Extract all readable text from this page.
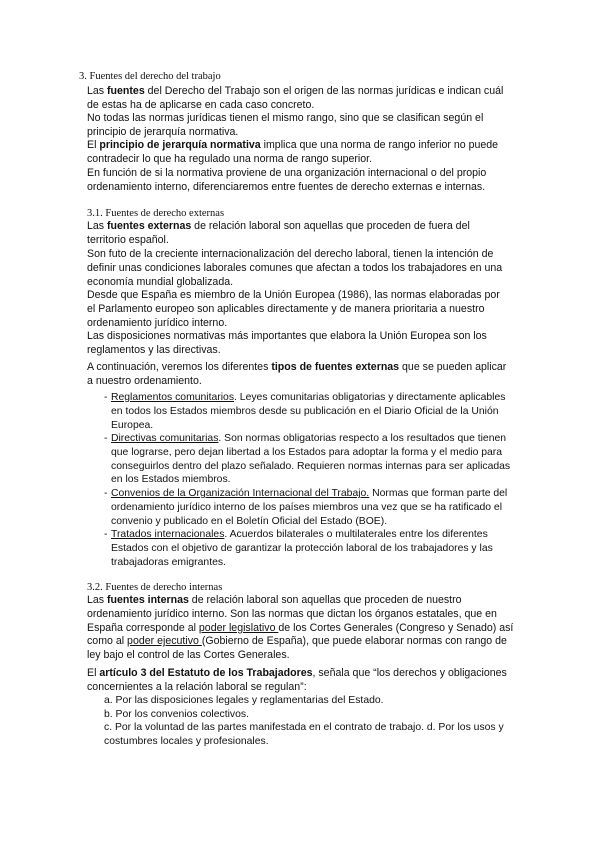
3. Fuentes del derecho del trabajo
Las fuentes del Derecho del Trabajo son el origen de las normas jurídicas e indican cuál de estas ha de aplicarse en cada caso concreto.
No todas las normas jurídicas tienen el mismo rango, sino que se clasifican según el principio de jerarquía normativa.
El principio de jerarquía normativa implica que una norma de rango inferior no puede contradecir lo que ha regulado una norma de rango superior.
En función de si la normativa proviene de una organización internacional o del propio ordenamiento interno, diferenciaremos entre fuentes de derecho externas e internas.
3.1. Fuentes de derecho externas
Las fuentes externas de relación laboral son aquellas que proceden de fuera del territorio español.
Son futo de la creciente internacionalización del derecho laboral, tienen la intención de definir unas condiciones laborales comunes que afectan a todos los trabajadores en una economía mundial globalizada.
Desde que España es miembro de la Unión Europea (1986), las normas elaboradas por el Parlamento europeo son aplicables directamente y de manera prioritaria a nuestro ordenamiento jurídico interno.
Las disposiciones normativas más importantes que elabora la Unión Europea son los reglamentos y las directivas.
A continuación, veremos los diferentes tipos de fuentes externas que se pueden aplicar a nuestro ordenamiento.
- Reglamentos comunitarios. Leyes comunitarias obligatorias y directamente aplicables en todos los Estados miembros desde su publicación en el Diario Oficial de la Unión Europea.
- Directivas comunitarias. Son normas obligatorias respecto a los resultados que tienen que lograrse, pero dejan libertad a los Estados para adoptar la forma y el medio para conseguirlos dentro del plazo señalado. Requieren normas internas para ser aplicadas en los Estados miembros.
- Convenios de la Organización Internacional del Trabajo. Normas que forman parte del ordenamiento jurídico interno de los países miembros una vez que se ha ratificado el convenio y publicado en el Boletín Oficial del Estado (BOE).
- Tratados internacionales. Acuerdos bilaterales o multilaterales entre los diferentes Estados con el objetivo de garantizar la protección laboral de los trabajadores y las trabajadoras emigrantes.
3.2. Fuentes de derecho internas
Las fuentes internas de relación laboral son aquellas que proceden de nuestro ordenamiento jurídico interno. Son las normas que dictan los órganos estatales, que en España corresponde al poder legislativo de los Cortes Generales (Congreso y Senado) así como al poder ejecutivo (Gobierno de España), que puede elaborar normas con rango de ley bajo el control de las Cortes Generales.
El artículo 3 del Estatuto de los Trabajadores, señala que “los derechos y obligaciones concernientes a la relación laboral se regulan”:
a. Por las disposiciones legales y reglamentarias del Estado.
b. Por los convenios colectivos.
c. Por la voluntad de las partes manifestada en el contrato de trabajo. d. Por los usos y costumbres locales y profesionales.
